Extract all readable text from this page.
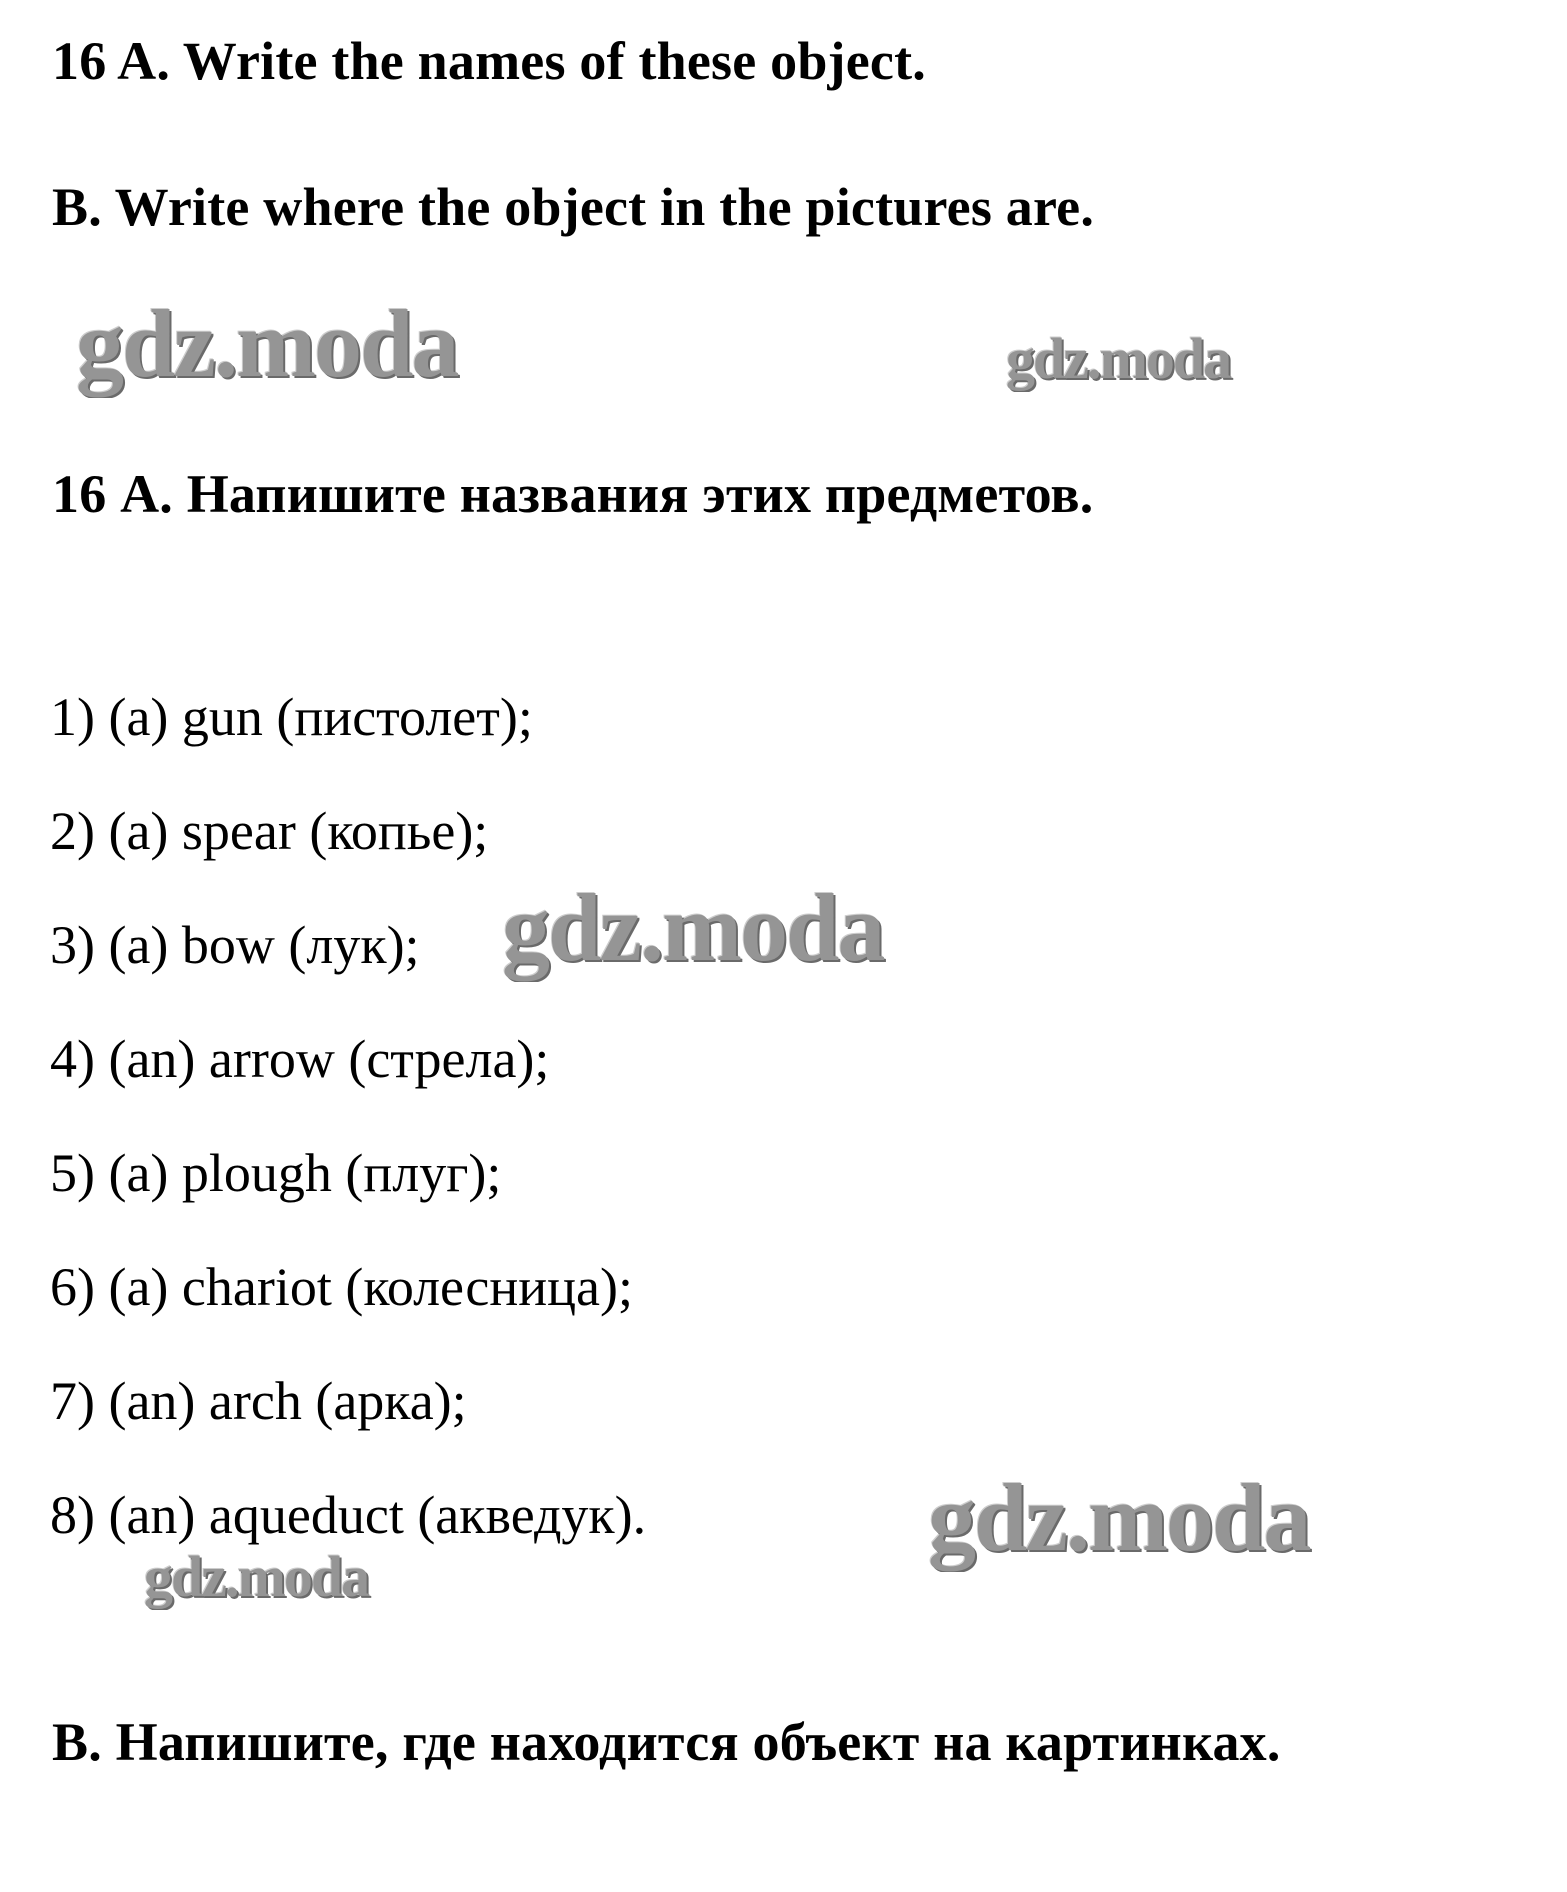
16 A. Write the names of these object.

B. Write where the object in the pictures are.

gdz.moda	gdz.moda

16 А. Напишите названия этих предметов.

1) (a) gun (пистолет);

2) (a) spear (копье);

3) (a) bow (лук); gdz.moda

4) (an) arrow (стрела);

5) (a) plough (плуг);

6) (a) chariot (колесница);

7) (an) arch (арка);

8) (an) aqueduct (акведук).	gdz.moda
gdz.moda

В. Напишите, где находится объект на картинках.
